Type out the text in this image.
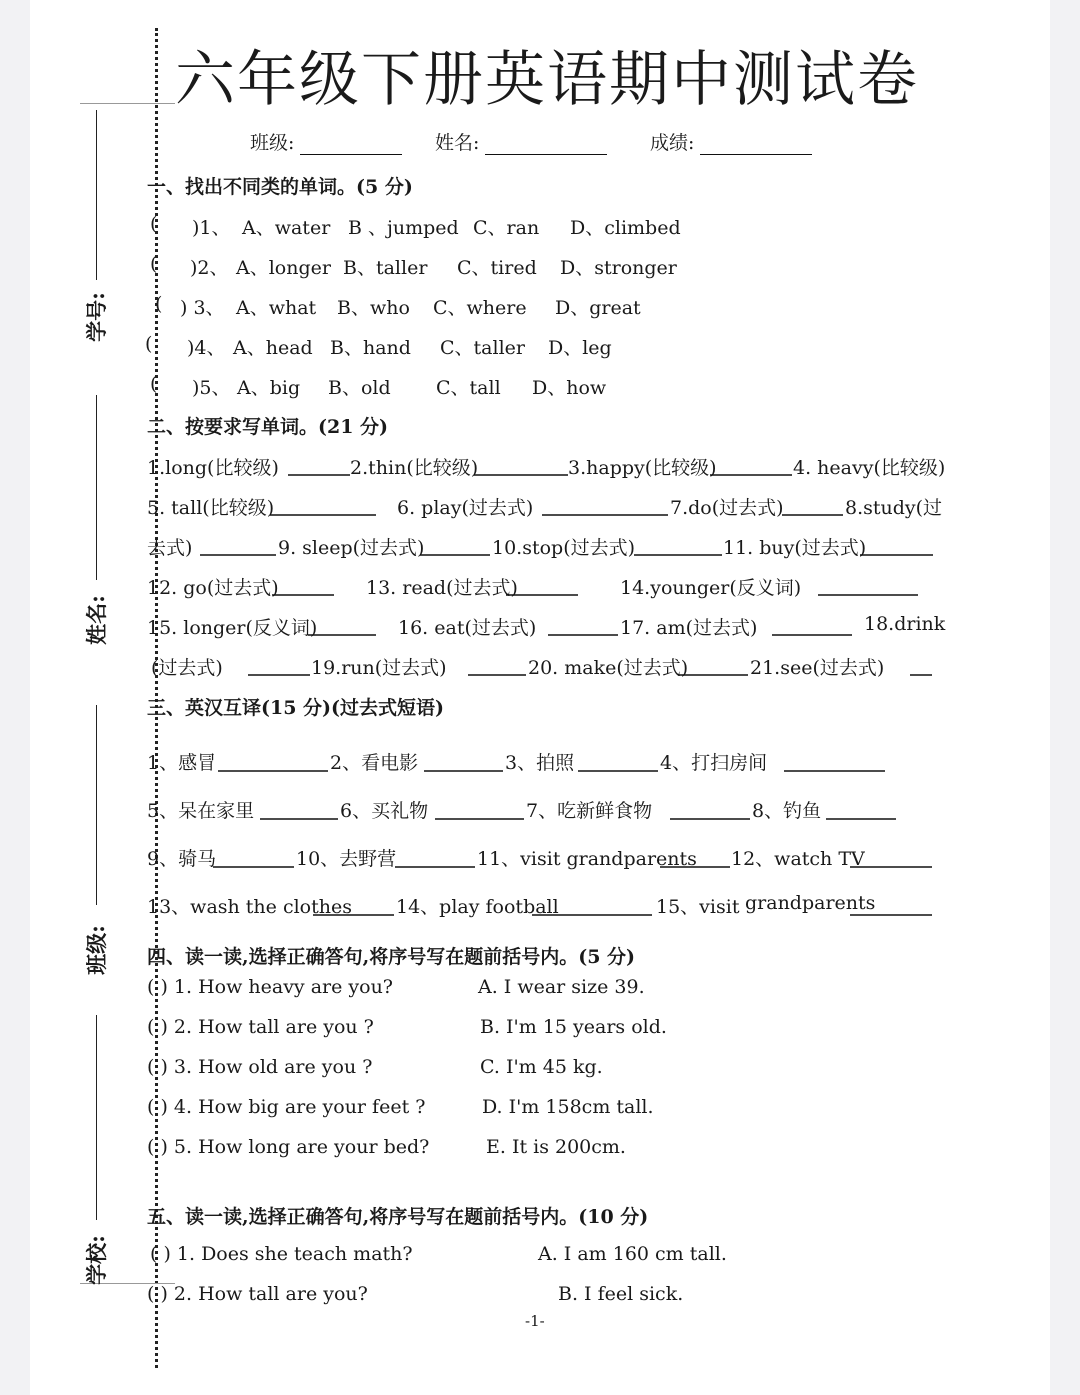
学号:
姓名:
班级:
学校:
六年级下册英语期中测试卷
班级:	姓名:	成绩:
一、找出不同类的单词。(5 分)
( )1、 A、water B 、jumped C、ran D、climbed
( )2、 A、longer B、taller C、tired D、stronger
( ) 3、 A、what B、who C、where D、great
( )4、 A、head B、hand C、taller D、leg
( )5、 A、big B、old C、tall D、how
二、按要求写单词。(21 分)
1.long(比较级)	2.thin(比较级)	3.happy(比较级)	4. heavy(比较级)
5. tall(比较级)	6. play(过去式)	7.do(过去式)	8.study(过
去式)	9. sleep(过去式)	10.stop(过去式)	11. buy(过去式)
12. go(过去式)	13. read(过去式)	14.younger(反义词)
15. longer(反义词)	16. eat(过去式)	17. am(过去式)	18.drink
(过去式)	19.run(过去式)	20. make(过去式)	21.see(过去式)
三、英汉互译(15 分)(过去式短语)
1、感冒	2、看电影	3、拍照	4、打扫房间
5、呆在家里	6、买礼物	7、吃新鲜食物	8、钓鱼
9、骑马	10、去野营	11、visit grandparents 12、watch TV
13、wash the clothes 14、play football	15、visit grandparents
四、读一读,选择正确答句,将序号写在题前括号内。(5 分)
( ) 1. How heavy are you?	A. I wear size 39.
( ) 2. How tall are you ?	B. I'm 15 years old.
( ) 3. How old are you ?	C. I'm 45 kg.
( ) 4. How big are your feet ?	D. I'm 158cm tall.
( ) 5. How long are your bed?	E. It is 200cm.
五、读一读,选择正确答句,将序号写在题前括号内。(10 分)
( ) 1. Does she teach math?	A. I am 160 cm tall.
( ) 2. How tall are you?	B. I feel sick.
-1-
